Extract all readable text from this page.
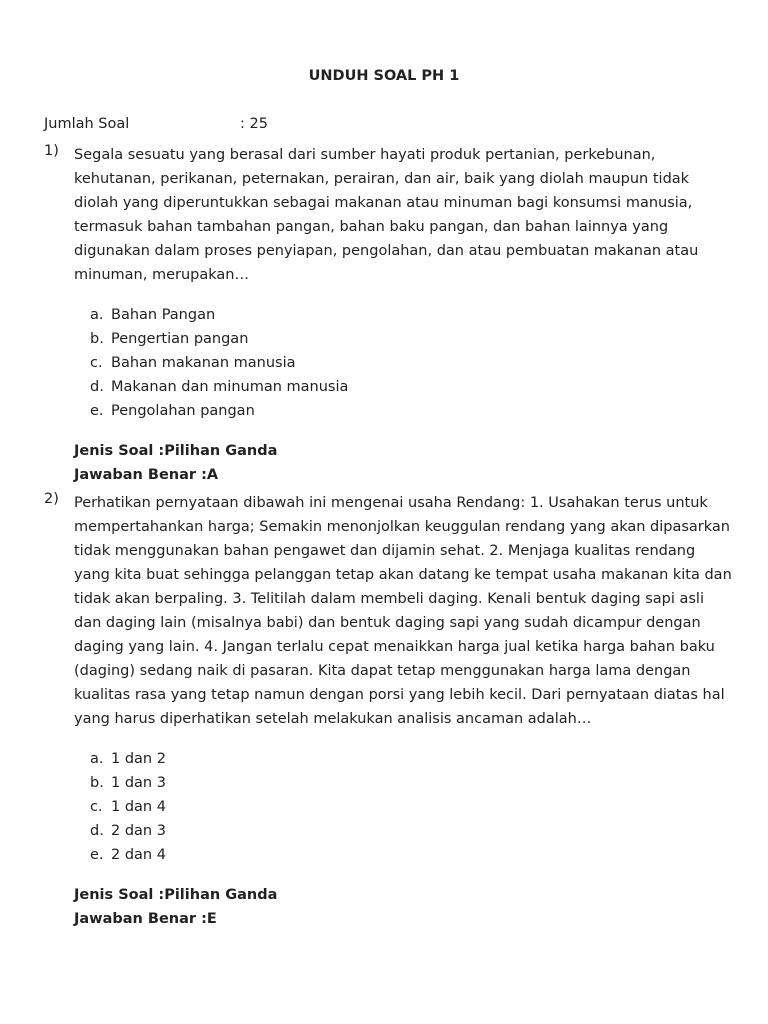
UNDUH SOAL PH 1
Jumlah Soal	: 25
1) Segala sesuatu yang berasal dari sumber hayati produk pertanian, perkebunan, kehutanan, perikanan, peternakan, perairan, dan air, baik yang diolah maupun tidak diolah yang diperuntukkan sebagai makanan atau minuman bagi konsumsi manusia, termasuk bahan tambahan pangan, bahan baku pangan, dan bahan lainnya yang digunakan dalam proses penyiapan, pengolahan, dan atau pembuatan makanan atau minuman, merupakan…
a. Bahan Pangan
b. Pengertian pangan
c. Bahan makanan manusia
d. Makanan dan minuman manusia
e. Pengolahan pangan
Jenis Soal :Pilihan Ganda
Jawaban Benar :A
2) Perhatikan pernyataan dibawah ini mengenai usaha Rendang: 1. Usahakan terus untuk mempertahankan harga; Semakin menonjolkan keuggulan rendang yang akan dipasarkan tidak menggunakan bahan pengawet dan dijamin sehat. 2. Menjaga kualitas rendang yang kita buat sehingga pelanggan tetap akan datang ke tempat usaha makanan kita dan tidak akan berpaling. 3. Telitilah dalam membeli daging. Kenali bentuk daging sapi asli dan daging lain (misalnya babi) dan bentuk daging sapi yang sudah dicampur dengan daging yang lain. 4. Jangan terlalu cepat menaikkan harga jual ketika harga bahan baku (daging) sedang naik di pasaran. Kita dapat tetap menggunakan harga lama dengan kualitas rasa yang tetap namun dengan porsi yang lebih kecil. Dari pernyataan diatas hal yang harus diperhatikan setelah melakukan analisis ancaman adalah…
a. 1 dan 2
b. 1 dan 3
c. 1 dan 4
d. 2 dan 3
e. 2 dan 4
Jenis Soal :Pilihan Ganda
Jawaban Benar :E
